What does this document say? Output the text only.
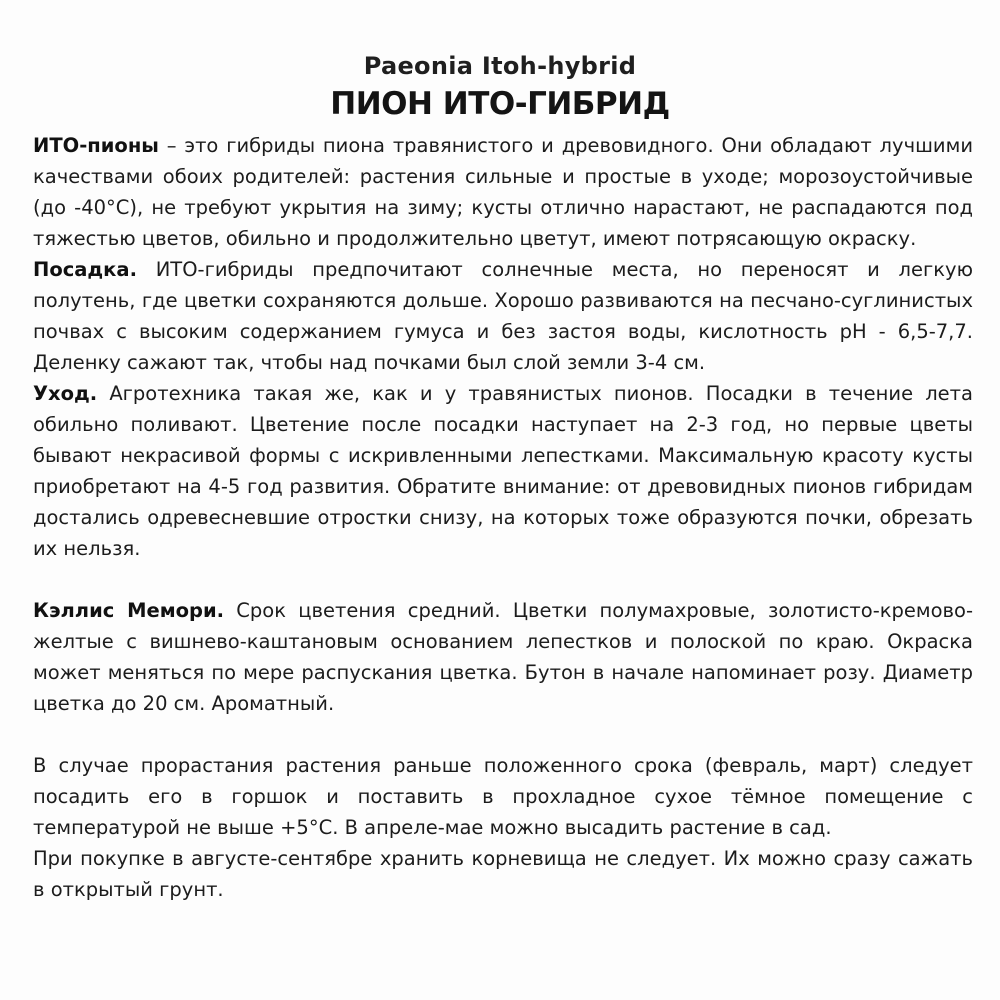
Paeonia Itoh-hybrid
ПИОН ИТО-ГИБРИД

ИТО-пионы – это гибриды пиона травянистого и древовидного. Они обладают лучшими качествами обоих родителей: растения сильные и простые в уходе; морозоустойчивые (до -40°С), не требуют укрытия на зиму; кусты отлично нарастают, не распадаются под тяжестью цветов, обильно и продолжительно цветут, имеют потрясающую окраску.

Посадка. ИТО-гибриды предпочитают солнечные места, но переносят и легкую полутень, где цветки сохраняются дольше. Хорошо развиваются на песчано-суглинистых почвах с высоким содержанием гумуса и без застоя воды, кислотность pH - 6,5-7,7. Деленку сажают так, чтобы над почками был слой земли 3-4 см.

Уход. Агротехника такая же, как и у травянистых пионов. Посадки в течение лета обильно поливают. Цветение после посадки наступает на 2-3 год, но первые цветы бывают некрасивой формы с искривленными лепестками. Максимальную красоту кусты приобретают на 4-5 год развития. Обратите внимание: от древовидных пионов гибридам достались одревесневшие отростки снизу, на которых тоже образуются почки, обрезать их нельзя.

Кэллис Мемори. Срок цветения средний. Цветки полумахровые, золотисто-кремово-желтые с вишнево-каштановым основанием лепестков и полоской по краю. Окраска может меняться по мере распускания цветка. Бутон в начале напоминает розу. Диаметр цветка до 20 см. Ароматный.

В случае прорастания растения раньше положенного срока (февраль, март) следует посадить его в горшок и поставить в прохладное сухое тёмное помещение с температурой не выше +5°С. В апреле-мае можно высадить растение в сад.

При покупке в августе-сентябре хранить корневища не следует. Их можно сразу сажать в открытый грунт.
